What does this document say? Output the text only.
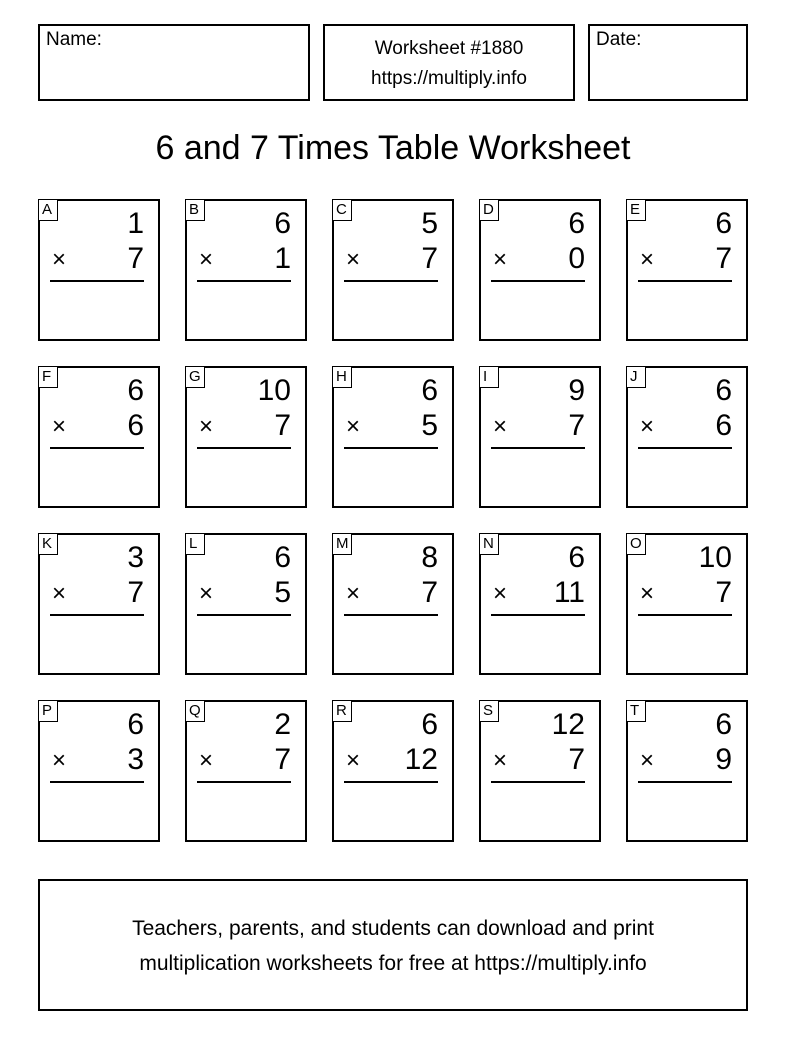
Name:	Worksheet #1880
https://multiply.info
Date:
6 and 7 Times Table Worksheet
A	1
× 7
B	6
× 1
C 5
× 7
D 6
× 0
E	6
× 7
F	6
× 6
G 10
× 7
H 6
× 5
I	9
× 7
J	6
× 6
K	3
× 7
L	6
× 5
M 8
× 7
N 6
× 11
O 10
× 7
P	6
× 3
Q 2
× 7
R 6
× 12
S 12
× 7
T	6
× 9
Teachers, parents, and students can download and print
multiplication worksheets for free at https://multiply.info
